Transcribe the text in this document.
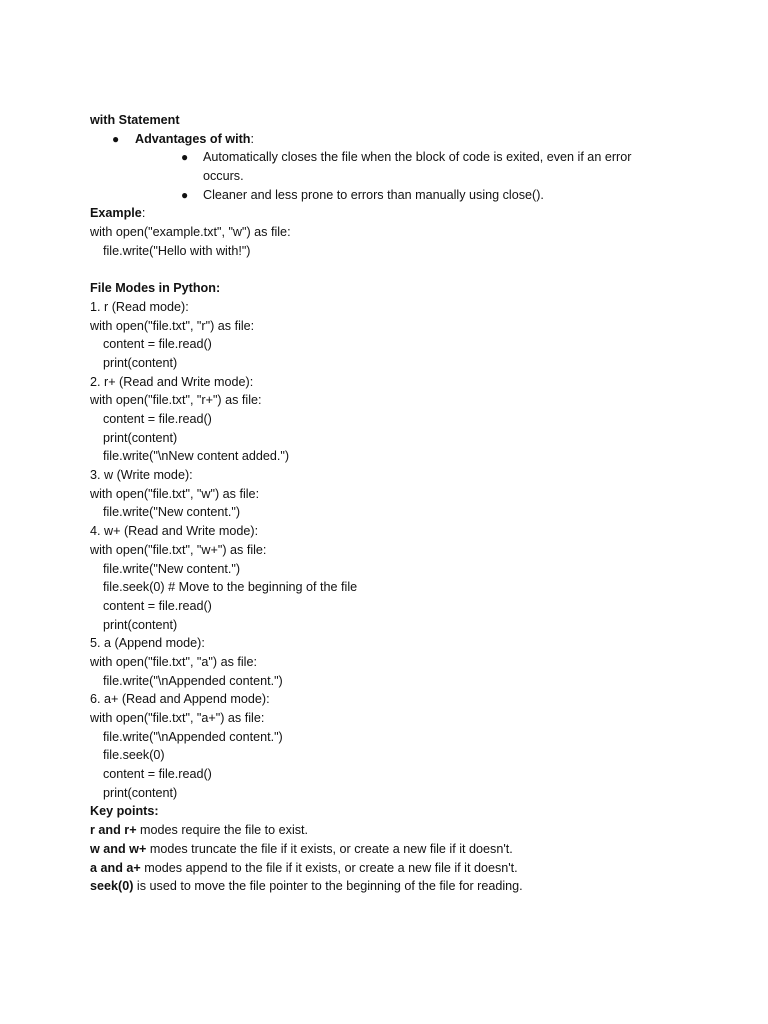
with Statement
● Advantages of with:
● Automatically closes the file when the block of code is exited, even if an error occurs.
● Cleaner and less prone to errors than manually using close().
Example:
with open("example.txt", "w") as file:
file.write("Hello with with!")
File Modes in Python:
1. r (Read mode):
with open("file.txt", "r") as file:
content = file.read()
print(content)
2. r+ (Read and Write mode):
with open("file.txt", "r+") as file:
content = file.read()
print(content)
file.write("\nNew content added.")
3. w (Write mode):
with open("file.txt", "w") as file:
file.write("New content.")
4. w+ (Read and Write mode):
with open("file.txt", "w+") as file:
file.write("New content.")
file.seek(0) # Move to the beginning of the file
content = file.read()
print(content)
5. a (Append mode):
with open("file.txt", "a") as file:
file.write("\nAppended content.")
6. a+ (Read and Append mode):
with open("file.txt", "a+") as file:
file.write("\nAppended content.")
file.seek(0)
content = file.read()
print(content)
Key points:
r and r+ modes require the file to exist.
w and w+ modes truncate the file if it exists, or create a new file if it doesn't.
a and a+ modes append to the file if it exists, or create a new file if it doesn't.
seek(0) is used to move the file pointer to the beginning of the file for reading.
